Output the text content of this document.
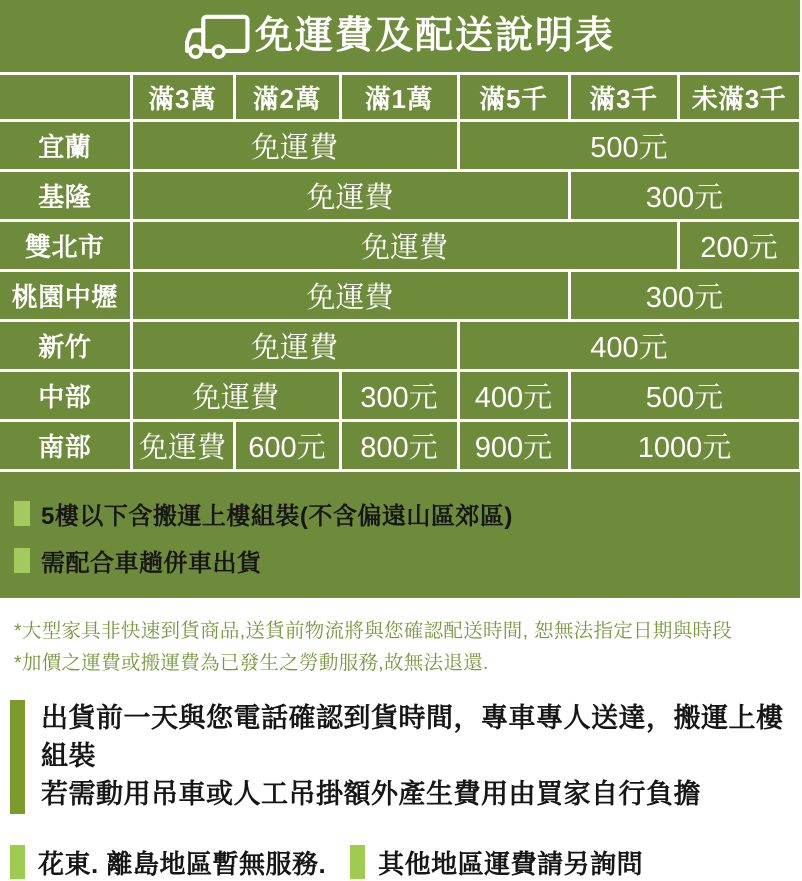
免運費及配送說明表
	滿3萬	滿2萬	滿1萬	滿5千	滿3千	未滿3千
宜蘭	免運費			500元		
基隆	免運費				300元	
雙北市	免運費					200元
桃園中壢	免運費				300元	
新竹	免運費			400元		
中部	免運費		300元	400元	500元	
南部	免運費	600元	800元	900元	1000元	
5樓以下含搬運上樓組裝(不含偏遠山區郊區)
需配合車趟併車出貨
*大型家具非快速到貨商品,送貨前物流將與您確認配送時間, 恕無法指定日期與時段
*加價之運費或搬運費為已發生之勞動服務,故無法退還.
出貨前一天與您電話確認到貨時間，專車專人送達，搬運上樓組裝
若需動用吊車或人工吊掛額外產生費用由買家自行負擔
花東. 離島地區暫無服務. 其他地區運費請另詢問
